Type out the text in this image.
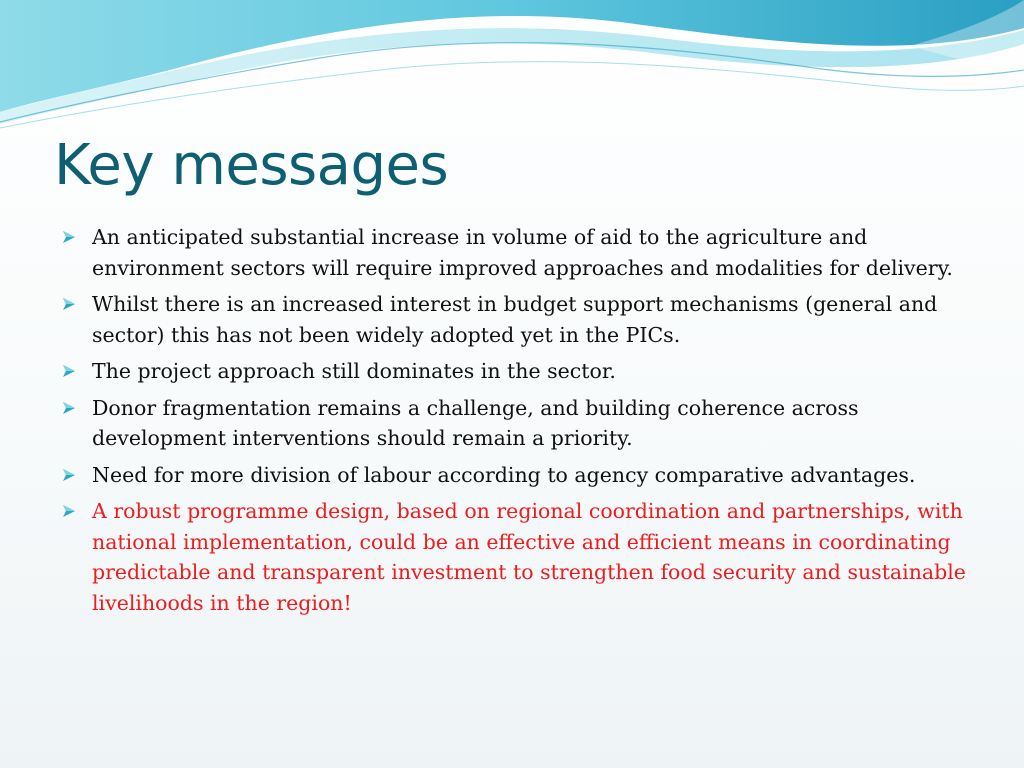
Key messages
An anticipated substantial increase in volume of aid to the agriculture and environment sectors will require improved approaches and modalities for delivery.
Whilst there is an increased interest in budget support mechanisms (general and sector) this has not been widely adopted yet in the PICs.
The project approach still dominates in the sector.
Donor fragmentation remains a challenge, and building coherence across development interventions should remain a priority.
Need for more division of labour according to agency comparative advantages.
A robust programme design, based on regional coordination and partnerships, with national implementation, could be an effective and efficient means in coordinating predictable and transparent investment to strengthen food security and sustainable livelihoods in the region!
